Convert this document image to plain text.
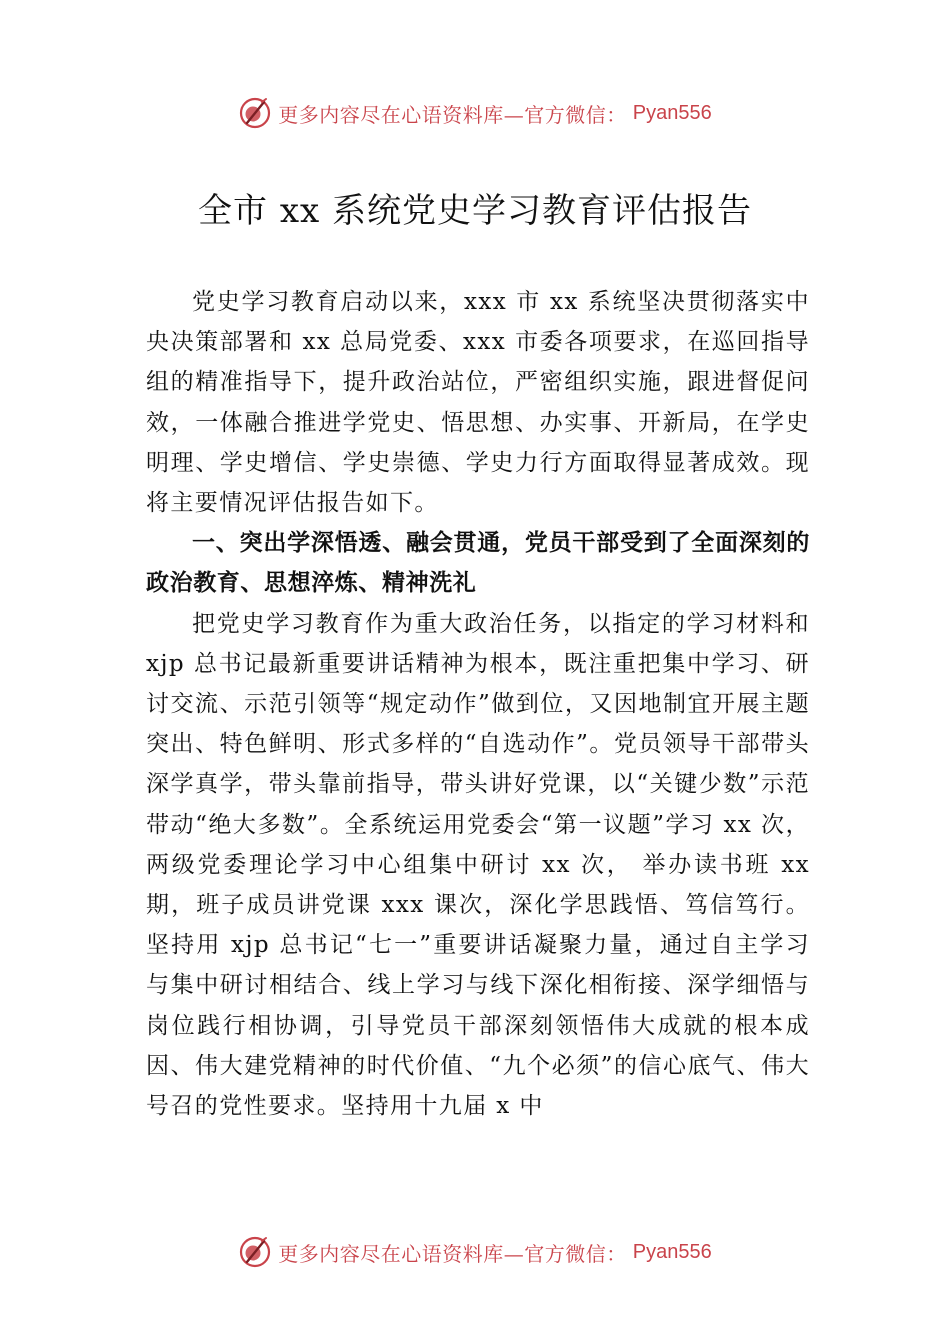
更多内容尽在心语资料库—官方微信： Pyan556
全市 xx 系统党史学习教育评估报告

党史学习教育启动以来，xxx 市 xx 系统坚决贯彻落实中央决策部署和 xx 总局党委、xxx 市委各项要求，在巡回指导组的精准指导下，提升政治站位，严密组织实施，跟进督促问效，一体融合推进学党史、悟思想、办实事、开新局，在学史明理、学史增信、学史崇德、学史力行方面取得显著成效。现将主要情况评估报告如下。

一、突出学深悟透、融会贯通，党员干部受到了全面深刻的政治教育、思想淬炼、精神洗礼

把党史学习教育作为重大政治任务，以指定的学习材料和 xjp 总书记最新重要讲话精神为根本，既注重把集中学习、研讨交流、示范引领等“规定动作”做到位，又因地制宜开展主题突出、特色鲜明、形式多样的“自选动作”。党员领导干部带头深学真学，带头靠前指导，带头讲好党课，以“关键少数”示范带动“绝大多数”。全系统运用党委会“第一议题”学习 xx 次，两级党委理论学习中心组集中研讨 xx 次， 举办读书班 xx 期，班子成员讲党课 xxx 课次，深化学思践悟、笃信笃行。坚持用 xjp 总书记“七一”重要讲话凝聚力量，通过自主学习与集中研讨相结合、线上学习与线下深化相衔接、深学细悟与岗位践行相协调，引导党员干部深刻领悟伟大成就的根本成因、伟大建党精神的时代价值、“九个必须”的信心底气、伟大号召的党性要求。坚持用十九届 x 中

更多内容尽在心语资料库—官方微信： Pyan556
